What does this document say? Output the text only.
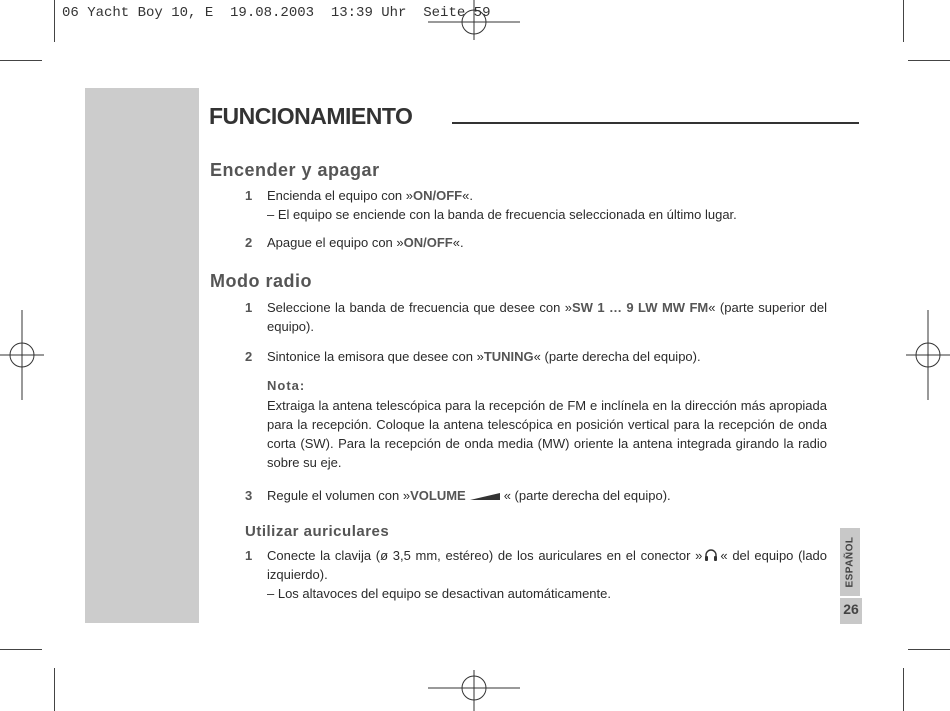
06 Yacht Boy 10, E  19.08.2003  13:39 Uhr  Seite 59
FUNCIONAMIENTO
Encender y apagar
1 Encienda el equipo con »ON/OFF«.
– El equipo se enciende con la banda de frecuencia seleccionada en último lugar.
2 Apague el equipo con »ON/OFF«.
Modo radio
1 Seleccione la banda de frecuencia que desee con »SW 1 … 9 LW MW FM« (parte superior del equipo).
2 Sintonice la emisora que desee con »TUNING« (parte derecha del equipo).
Nota:
Extraiga la antena telescópica para la recepción de FM e inclínela en la dirección más apropiada para la recepción. Coloque la antena telescópica en posición vertical para la recepción de onda corta (SW). Para la recepción de onda media (MW) oriente la antena integrada girando la radio sobre su eje.
3 Regule el volumen con »VOLUME	« (parte derecha del equipo).
Utilizar auriculares
1 Conecte la clavija (ø 3,5 mm, estéreo) de los auriculares en el conector » « del equipo (lado izquierdo).
– Los altavoces del equipo se desactivan automáticamente.
ESPAÑOL
26
